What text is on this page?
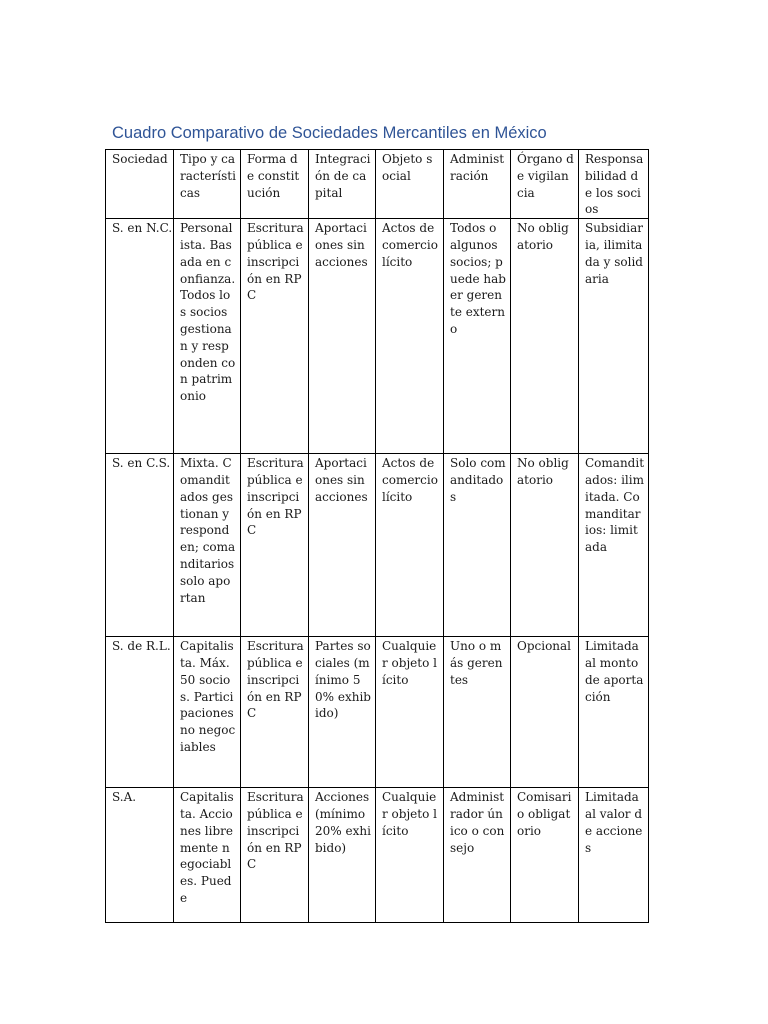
Cuadro Comparativo de Sociedades Mercantiles en México
Sociedad	Tipo y características	Forma de constitución	Integración de capital	Objeto social	Administración	Órgano de vigilancia	Responsabilidad de los socios
S. en N.C.	Personalista. Basada en confianza. Todos los socios gestionan y responden con patrimonio	Escritura pública e inscripción en RPC	Aportaciones sin acciones	Actos de comercio lícito	Todos o algunos socios; puede haber gerente externo	No obligatorio	Subsidiaria, ilimitada y solidaria
S. en C.S.	Mixta. Comanditados gestionan y responden; comanditarios solo aportan	Escritura pública e inscripción en RPC	Aportaciones sin acciones	Actos de comercio lícito	Solo comanditados	No obligatorio	Comanditados: ilimitada. Comanditarios: limitada
S. de R.L.	Capitalista. Máx. 50 socios. Participaciones no negociables	Escritura pública e inscripción en RPC	Partes sociales (mínimo 50% exhibido)	Cualquier objeto lícito	Uno o más gerentes	Opcional	Limitada al monto de aportación
S.A.	Capitalista. Acciones libremente negociables. Puede	Escritura pública e inscripción en RPC	Acciones (mínimo 20% exhibido)	Cualquier objeto lícito	Administrador único o consejo	Comisario obligatorio	Limitada al valor de acciones
